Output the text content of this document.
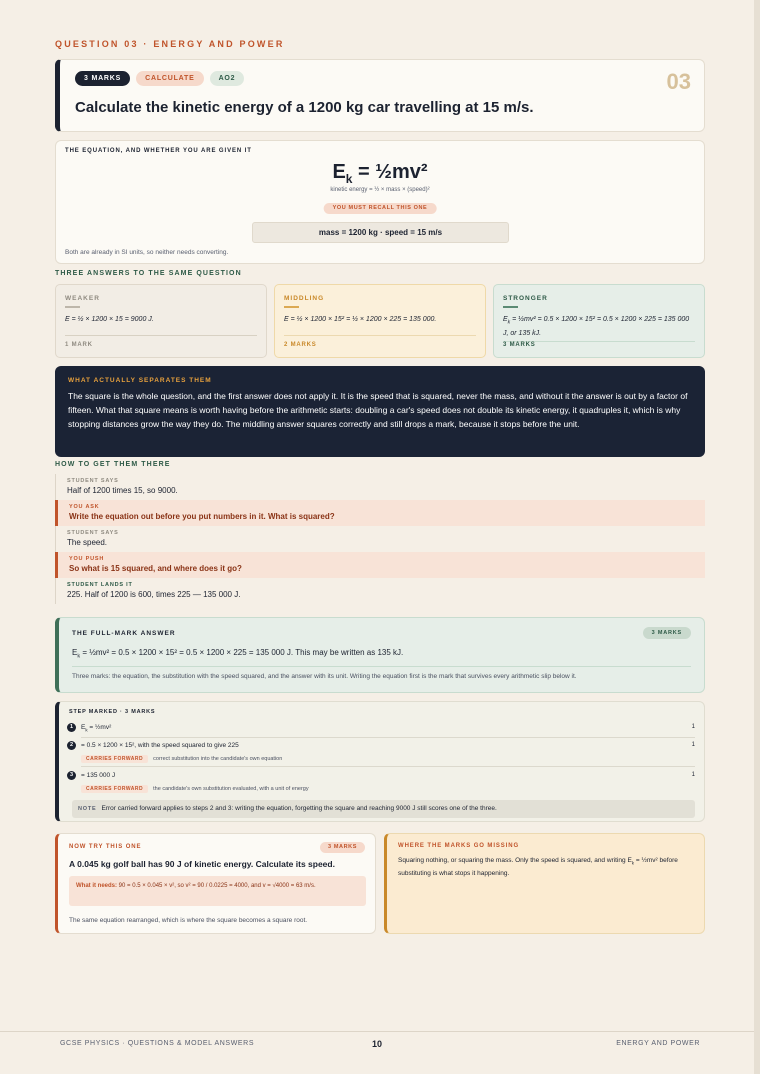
QUESTION 03 · ENERGY AND POWER
3 MARKS	CALCULATE	AO2	03
Calculate the kinetic energy of a 1200 kg car travelling at 15 m/s.
THE EQUATION, AND WHETHER YOU ARE GIVEN IT
$E_k$ = ½mv²
kinetic energy = ½ × mass × (speed)²
YOU MUST RECALL THIS ONE
mass = 1200 kg · speed = 15 m/s
Both are already in SI units, so neither needs converting.
THREE ANSWERS TO THE SAME QUESTION
WEAKER
E = ½ × 1200 × 15 = 9000 J.
1 MARK
MIDDLING
E = ½ × 1200 × 15² = ½ × 1200 × 225 = 135 000.
2 MARKS
STRONGER
$E_k$ = ½mv² = 0.5 × 1200 × 15² = 0.5 × 1200 × 225 = 135 000 J, or 135 kJ.
3 MARKS
WHAT ACTUALLY SEPARATES THEM
The square is the whole question, and the first answer does not apply it. It is the speed that is squared, never the mass, and without it the answer is out by a factor of fifteen. What that square means is worth having before the arithmetic starts: doubling a car's speed does not double its kinetic energy, it quadruples it, which is why stopping distances grow the way they do. The middling answer squares correctly and still drops a mark, because it stops before the unit.
HOW TO GET THEM THERE
STUDENT SAYS
Half of 1200 times 15, so 9000.
YOU ASK
Write the equation out before you put numbers in it. What is squared?
STUDENT SAYS
The speed.
YOU PUSH
So what is 15 squared, and where does it go?
STUDENT LANDS IT
225. Half of 1200 is 600, times 225 — 135 000 J.
THE FULL-MARK ANSWER	3 MARKS
$E_k$ = ½mv² = 0.5 × 1200 × 15² = 0.5 × 1200 × 225 = 135 000 J. This may be written as 135 kJ.
Three marks: the equation, the substitution with the speed squared, and the answer with its unit. Writing the equation first is the mark that survives every arithmetic slip below it.
STEP MARKED · 3 MARKS
1	$E_k$ = ½mv²	1
2	= 0.5 × 1200 × 15², with the speed squared to give 225	1
CARRIES FORWARD correct substitution into the candidate's own equation
3	= 135 000 J	1
CARRIES FORWARD the candidate's own substitution evaluated, with a unit of energy
NOTE Error carried forward applies to steps 2 and 3: writing the equation, forgetting the square and reaching 9000 J still scores one of the three.
NOW TRY THIS ONE	3 MARKS
A 0.045 kg golf ball has 90 J of kinetic energy. Calculate its speed.
What it needs: 90 = 0.5 × 0.045 × v², so v² = 90 / 0.0225 = 4000, and v = √4000 = 63 m/s.
The same equation rearranged, which is where the square becomes a square root.
WHERE THE MARKS GO MISSING
Squaring nothing, or squaring the mass. Only the speed is squared, and writing $E_k$ = ½mv² before substituting is what stops it happening.
GCSE PHYSICS · QUESTIONS & MODEL ANSWERS	10	ENERGY AND POWER
